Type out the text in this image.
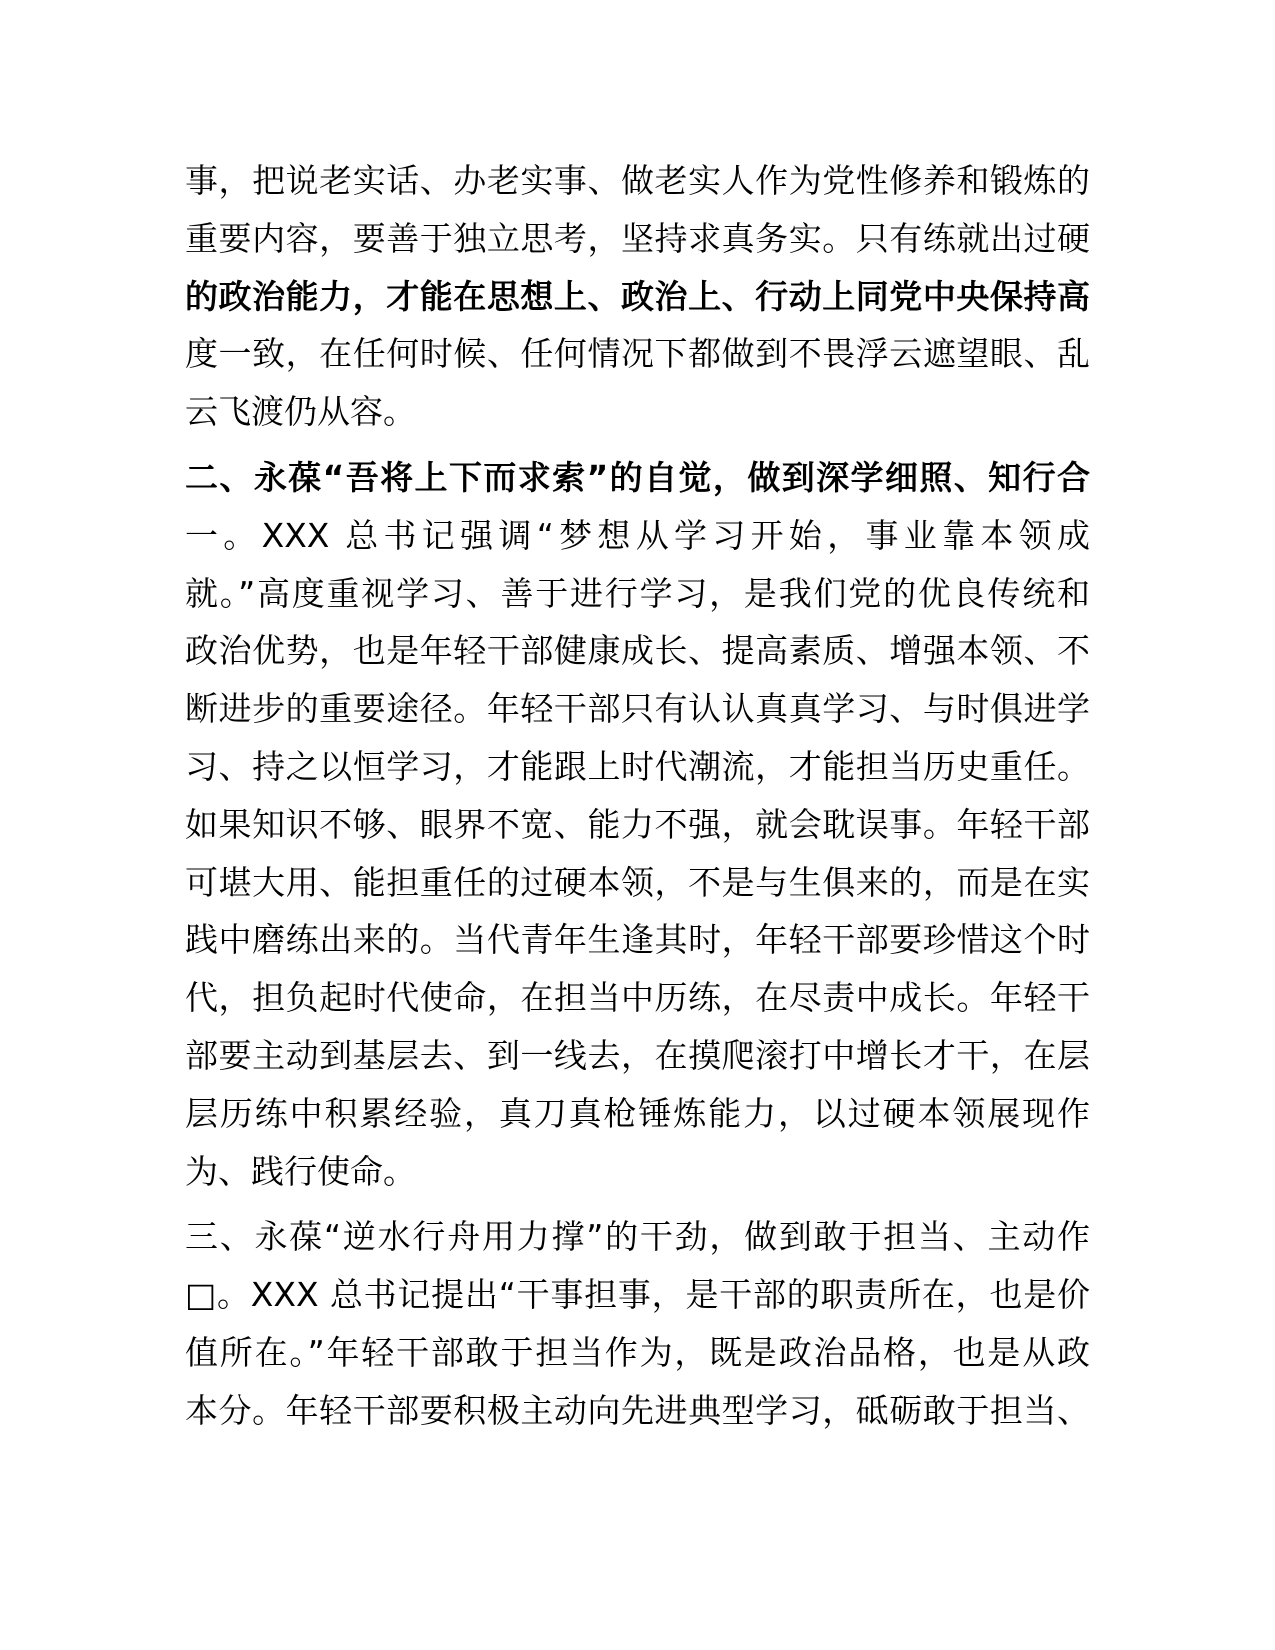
事，把说老实话、办老实事、做老实人作为党性修养和锻炼的
重要内容，要善于独立思考，坚持求真务实。只有练就出过硬
的政治能力，才能在思想上、政治上、行动上同党中央保持高
度一致，在任何时候、任何情况下都做到不畏浮云遮望眼、乱
云飞渡仍从容。
二、永葆“吾将上下而求索”的自觉，做到深学细照、知行合
一。XXX 总书记强调“梦想从学习开始，事业靠本领成
就。”高度重视学习、善于进行学习，是我们党的优良传统和
政治优势，也是年轻干部健康成长、提高素质、增强本领、不
断进步的重要途径。年轻干部只有认认真真学习、与时俱进学
习、持之以恒学习，才能跟上时代潮流，才能担当历史重任。
如果知识不够、眼界不宽、能力不强，就会耽误事。年轻干部
可堪大用、能担重任的过硬本领，不是与生俱来的，而是在实
践中磨练出来的。当代青年生逢其时，年轻干部要珍惜这个时
代，担负起时代使命，在担当中历练，在尽责中成长。年轻干
部要主动到基层去、到一线去，在摸爬滚打中增长才干，在层
层历练中积累经验，真刀真枪锤炼能力，以过硬本领展现作
为、践行使命。
三、永葆“逆水行舟用力撑”的干劲，做到敢于担当、主动作
□。XXX 总书记提出“干事担事，是干部的职责所在，也是价
值所在。”年轻干部敢于担当作为，既是政治品格，也是从政
本分。年轻干部要积极主动向先进典型学习，砥砺敢于担当、
